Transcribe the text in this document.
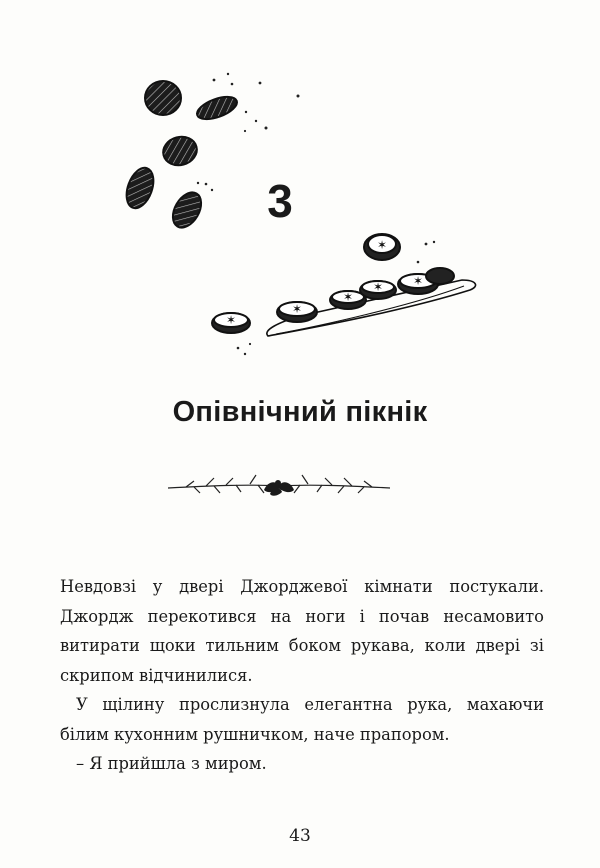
✶
✶
✶ ✶
✶
✶
3
Опівнічний пікнік

Невдовзі у двері Джорджевої кімнати постукали. Джордж перекотився на ноги і почав несамовито витирати щоки тильним боком рукава, коли двері зі скрипом відчинилися.

У щілину прослизнула елегантна рука, махаючи білим кухонним рушничком, наче прапором.

– Я прийшла з миром.

43
